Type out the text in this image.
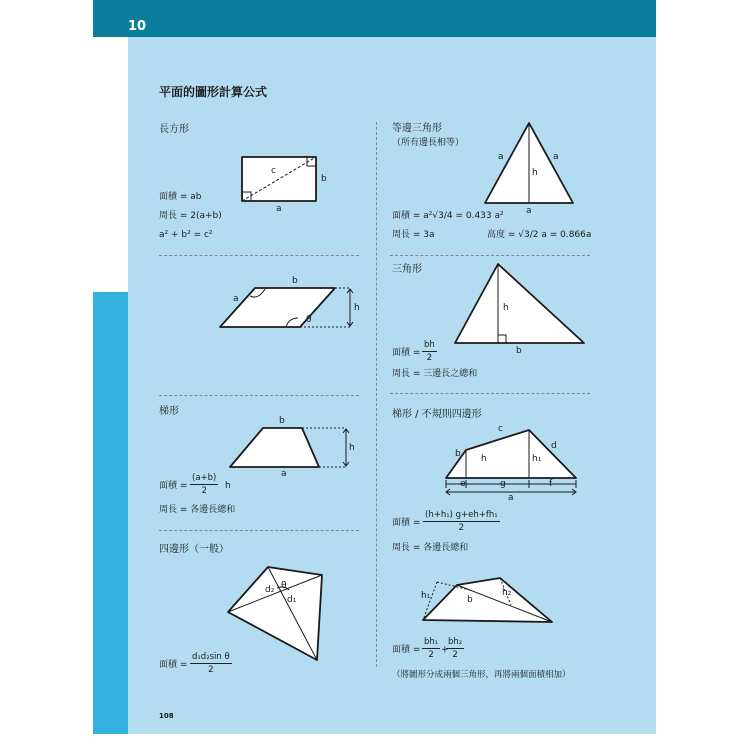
10
平面的圖形計算公式
長方形
c
b
a
面積 = ab
周長 = 2(a+b)
a² + b² = c²
等邊三角形
（所有邊長相等）
a	a
h
a
面積 = a²√3/4 = 0.433 a²
周長 = 3a	高度 = √3/2 a = 0.866a
b
a
h
θ
三角形
h
b
面積 = $\frac{bh}{2}$
周長 = 三邊長之總和
梯形
b
h
a
面積 = $\frac{(a+b)}{2}$ h
周長 = 各邊長總和
梯形 / 不規則四邊形
c
b
d
h	h₁
e	g	f
a
面積 = $\frac{\text{(h+h₁) g+eh+fh₁}}{2}$
周長 = 各邊長總和
四邊形（一般）
d₂ θ
d₁
面積 = $\frac{\text{d₁d₂sin θ}}{2}$
h₁	b
h₂
面積 = $\frac{\text{bh₁}}{2}$ +
$\frac{\text{bh₂}}{2}$
（將圖形分成兩個三角形，再將兩個面積相加）
108
